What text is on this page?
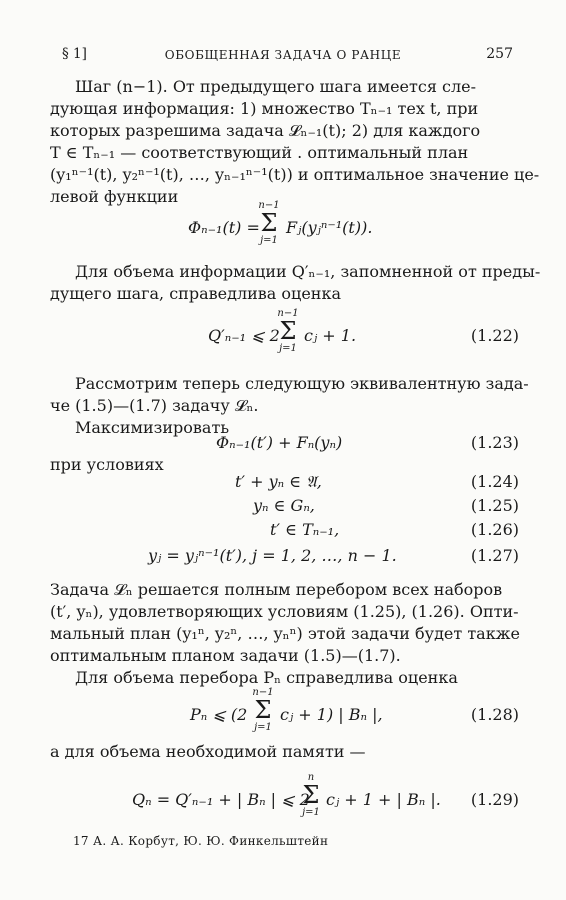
§ 1]	ОБОБЩЕННАЯ ЗАДАЧА О РАНЦЕ	257
Шаг (n−1). От предыдущего шага имеется сле-
дующая информация: 1) множество Tₙ₋₁ тех t, при
которых разрешима задача 𝓛ₙ₋₁(t); 2) для каждого
T ∈ Tₙ₋₁ — соответствующий . оптимальный план
(y₁ⁿ⁻¹(t), y₂ⁿ⁻¹(t), …, yₙ₋₁ⁿ⁻¹(t)) и оптимальное значение це-
левой функции
Φₙ₋₁(t) =
n−1
Σ
j=1
Fⱼ(yⱼⁿ⁻¹(t)).
Для объема информации Q′ₙ₋₁, запомненной от преды-
дущего шага, справедлива оценка
Q′ₙ₋₁ ⩽ 2
n−1
Σ
j=1
cⱼ + 1.	(1.22)
Рассмотрим теперь следующую эквивалентную зада-
че (1.5)—(1.7) задачу 𝓛ₙ.
Максимизировать
Φₙ₋₁(t′) + Fₙ(yₙ)	(1.23)
при условиях
t′ + yₙ ∈ 𝔄,	(1.24)
yₙ ∈ Gₙ,	(1.25)
t′ ∈ Tₙ₋₁,	(1.26)
yⱼ = yⱼⁿ⁻¹(t′), j = 1, 2, …, n − 1.	(1.27)
Задача 𝓛ₙ решается полным перебором всех наборов
(t′, yₙ), удовлетворяющих условиям (1.25), (1.26). Опти-
мальный план (y₁ⁿ, y₂ⁿ, …, yₙⁿ) этой задачи будет также
оптимальным планом задачи (1.5)—(1.7).
Для объема перебора Pₙ справедлива оценка
Pₙ ⩽ (2
n−1
Σ
j=1
cⱼ + 1) | Bₙ |,	(1.28)
а для объема необходимой памяти —
Qₙ = Q′ₙ₋₁ + | Bₙ | ⩽ 2
n
Σ
j=1
cⱼ + 1 + | Bₙ |. (1.29)
17 А. А. Корбут, Ю. Ю. Финкельштейн
